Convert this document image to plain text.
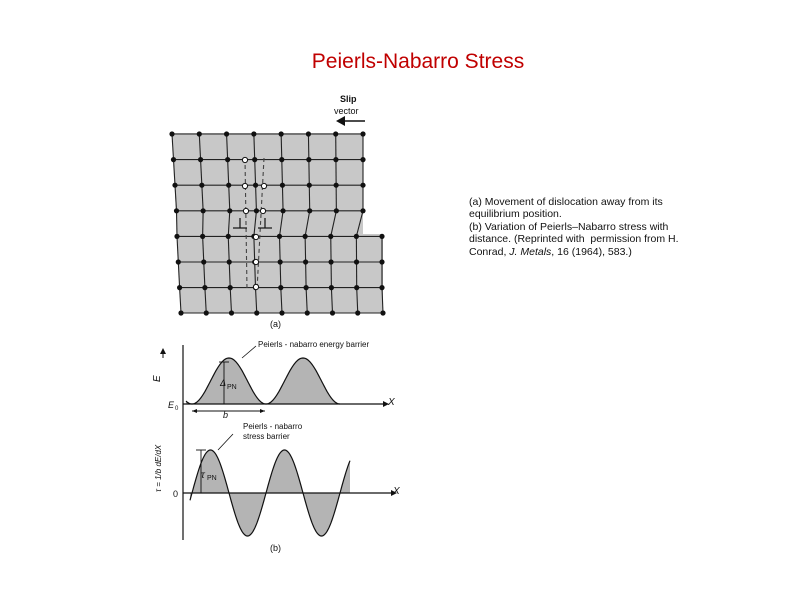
Peierls-Nabarro Stress
(a) Movement of dislocation away from its
equilibrium position.
(b) Variation of Peierls–Nabarro stress with
distance. (Reprinted with  permission from H.
Conrad, J. Metals, 16 (1964), 583.)
Slip
vector
(a)
E
E 0
X
Δ PN
b
Peierls - nabarro energy barrier
X
0
τ = 1/b dE/dX	τ PN
Peierls - nabarro
stress barrier
(b)
